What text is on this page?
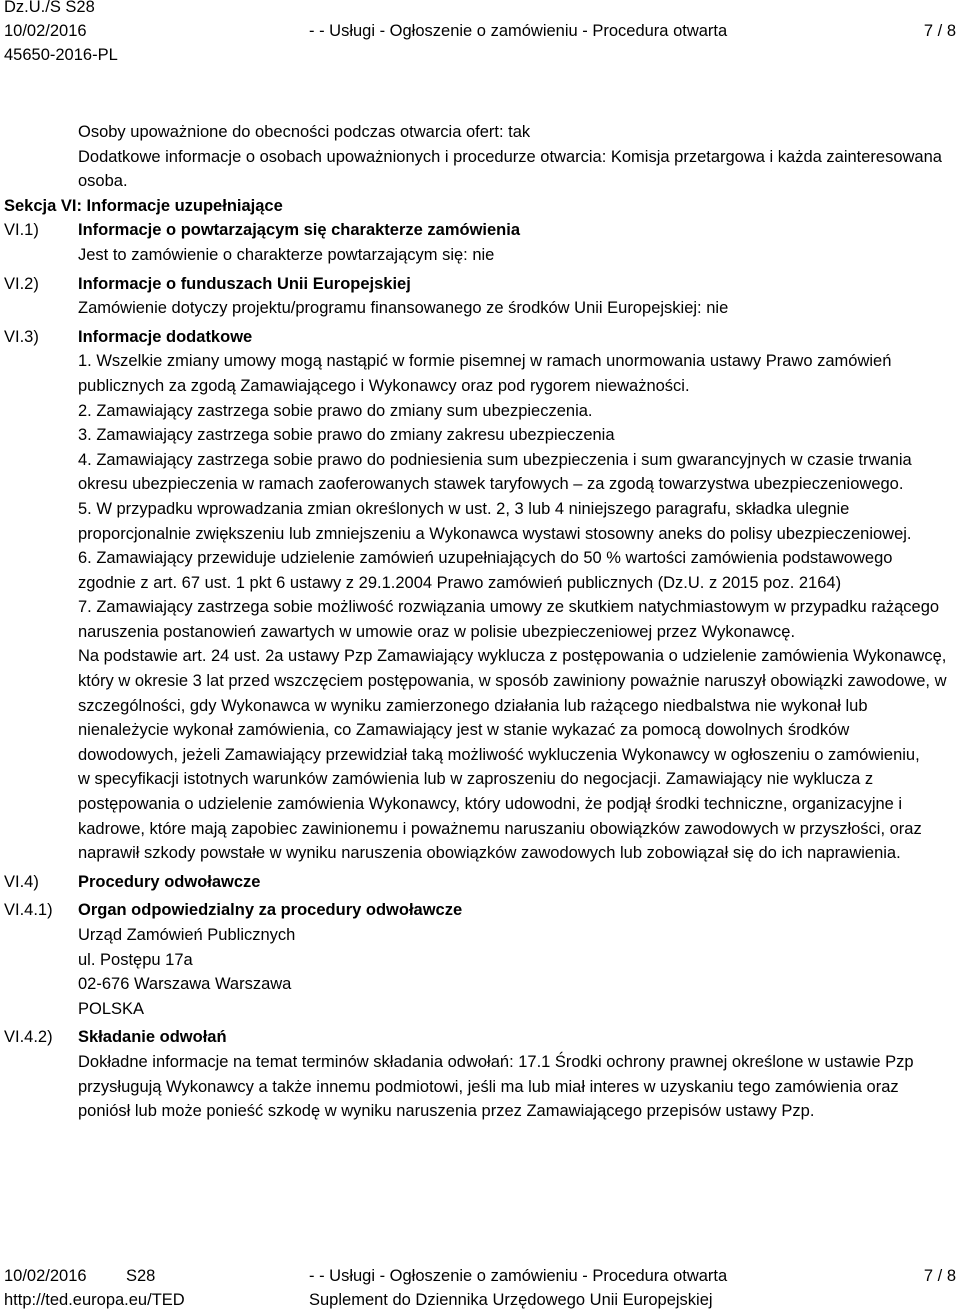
Dz.U./S S28
10/02/2016	- - Usługi - Ogłoszenie o zamówieniu - Procedura otwarta	7 / 8
45650-2016-PL

Osoby upoważnione do obecności podczas otwarcia ofert: tak

Dodatkowe informacje o osobach upoważnionych i procedurze otwarcia: Komisja przetargowa i każda zainteresowana osoba.

Sekcja VI: Informacje uzupełniające
VI.1) Informacje o powtarzającym się charakterze zamówienia

Jest to zamówienie o charakterze powtarzającym się: nie

VI.2) Informacje o funduszach Unii Europejskiej

Zamówienie dotyczy projektu/programu finansowanego ze środków Unii Europejskiej: nie

VI.3) Informacje dodatkowe

1. Wszelkie zmiany umowy mogą nastąpić w formie pisemnej w ramach unormowania ustawy Prawo zamówień publicznych za zgodą Zamawiającego i Wykonawcy oraz pod rygorem nieważności.

2. Zamawiający zastrzega sobie prawo do zmiany sum ubezpieczenia.

3. Zamawiający zastrzega sobie prawo do zmiany zakresu ubezpieczenia

4. Zamawiający zastrzega sobie prawo do podniesienia sum ubezpieczenia i sum gwarancyjnych w czasie trwania okresu ubezpieczenia w ramach zaoferowanych stawek taryfowych – za zgodą towarzystwa ubezpieczeniowego.

5. W przypadku wprowadzania zmian określonych w ust. 2, 3 lub 4 niniejszego paragrafu, składka ulegnie proporcjonalnie zwiększeniu lub zmniejszeniu a Wykonawca wystawi stosowny aneks do polisy ubezpieczeniowej.

6. Zamawiający przewiduje udzielenie zamówień uzupełniających do 50 % wartości zamówienia podstawowego zgodnie z art. 67 ust. 1 pkt 6 ustawy z 29.1.2004 Prawo zamówień publicznych (Dz.U. z 2015 poz. 2164)

7. Zamawiający zastrzega sobie możliwość rozwiązania umowy ze skutkiem natychmiastowym w przypadku rażącego naruszenia postanowień zawartych w umowie oraz w polisie ubezpieczeniowej przez Wykonawcę.

Na podstawie art. 24 ust. 2a ustawy Pzp Zamawiający wyklucza z postępowania o udzielenie zamówienia Wykonawcę, który w okresie 3 lat przed wszczęciem postępowania, w sposób zawiniony poważnie naruszył obowiązki zawodowe, w szczególności, gdy Wykonawca w wyniku zamierzonego działania lub rażącego niedbalstwa nie wykonał lub nienależycie wykonał zamówienia, co Zamawiający jest w stanie wykazać za pomocą dowolnych środków dowodowych, jeżeli Zamawiający przewidział taką możliwość wykluczenia Wykonawcy w ogłoszeniu o zamówieniu,

w specyfikacji istotnych warunków zamówienia lub w zaproszeniu do negocjacji. Zamawiający nie wyklucza z postępowania o udzielenie zamówienia Wykonawcy, który udowodni, że podjął środki techniczne, organizacyjne i kadrowe, które mają zapobiec zawinionemu i poważnemu naruszaniu obowiązków zawodowych w przyszłości, oraz naprawił szkody powstałe w wyniku naruszenia obowiązków zawodowych lub zobowiązał się do ich naprawienia.

VI.4) Procedury odwoławcze

VI.4.1) Organ odpowiedzialny za procedury odwoławcze

Urząd Zamówień Publicznych

ul. Postępu 17a

02-676 Warszawa Warszawa

POLSKA

VI.4.2) Składanie odwołań

Dokładne informacje na temat terminów składania odwołań: 17.1 Środki ochrony prawnej określone w ustawie Pzp przysługują Wykonawcy a także innemu podmiotowi, jeśli ma lub miał interes w uzyskaniu tego zamówienia oraz poniósł lub może ponieść szkodę w wyniku naruszenia przez Zamawiającego przepisów ustawy Pzp.

10/02/2016 S28	- - Usługi - Ogłoszenie o zamówieniu - Procedura otwarta	7 / 8
http://ted.europa.eu/TED	Suplement do Dziennika Urzędowego Unii Europejskiej
